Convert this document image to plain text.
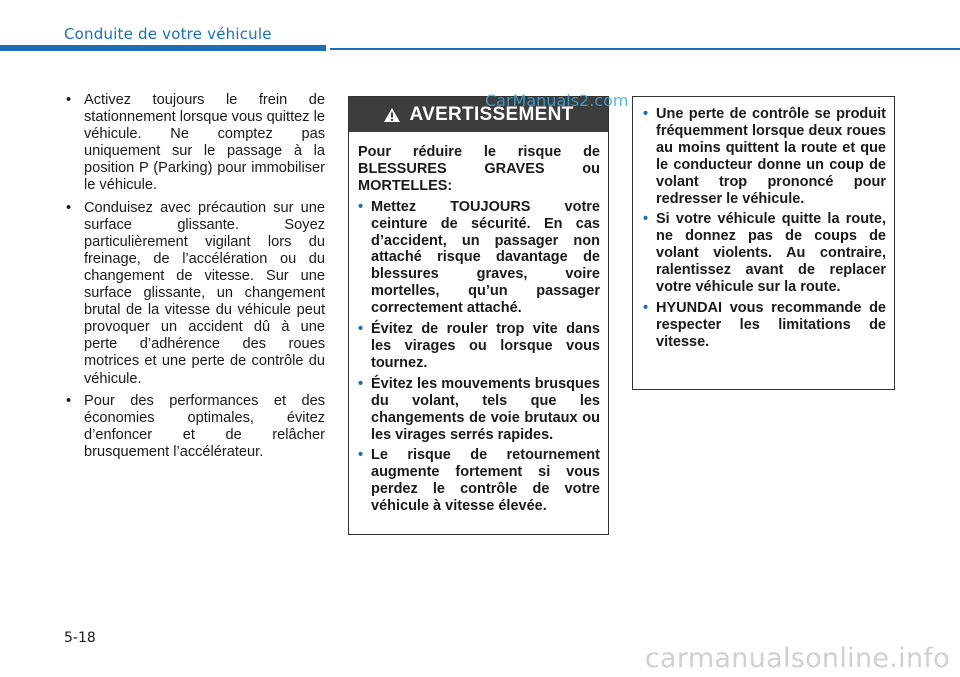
Conduite de votre véhicule
• Activez toujours le frein de stationnement lorsque vous quittez le véhicule. Ne comptez pas uniquement sur le passage à la position P (Parking) pour immobiliser le véhicule.
• Conduisez avec précaution sur une surface glissante. Soyez particulièrement vigilant lors du freinage, de l’accélération ou du changement de vitesse. Sur une surface glissante, un changement brutal de la vitesse du véhicule peut provoquer un accident dû à une perte d’adhérence des roues motrices et une perte de contrôle du véhicule.
• Pour des performances et des économies optimales, évitez d’enfoncer et de relâcher brusquement l’accélérateur.
AVERTISSEMENT
Pour réduire le risque de BLESSURES GRAVES ou MORTELLES:
• Mettez TOUJOURS votre ceinture de sécurité. En cas d’accident, un passager non attaché risque davantage de blessures graves, voire mortelles, qu’un passager correctement attaché.
• Évitez de rouler trop vite dans les virages ou lorsque vous tournez.
• Évitez les mouvements brusques du volant, tels que les changements de voie brutaux ou les virages serrés rapides.
• Le risque de retournement augmente fortement si vous perdez le contrôle de votre véhicule à vitesse élevée.
CarManuals2.com
• Une perte de contrôle se produit fréquemment lorsque deux roues au moins quittent la route et que le conducteur donne un coup de volant trop prononcé pour redresser le véhicule.
• Si votre véhicule quitte la route, ne donnez pas de coups de volant violents. Au contraire, ralentissez avant de replacer votre véhicule sur la route.
• HYUNDAI vous recommande de respecter les limitations de vitesse.
5-18
carmanualsonline.info
